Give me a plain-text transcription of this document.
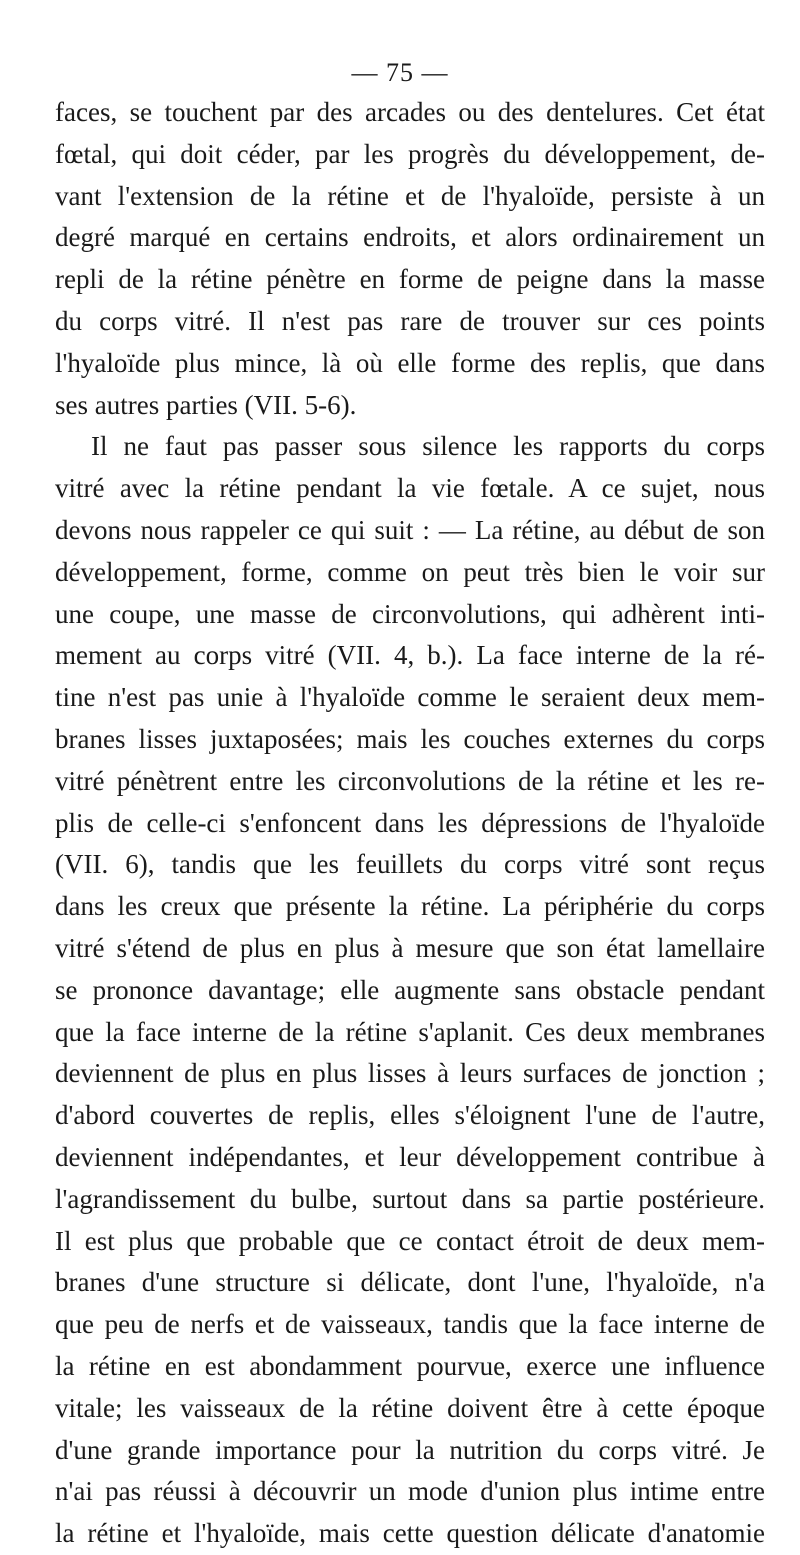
— 75 —
faces, se touchent par des arcades ou des dentelures. Cet état
fœtal, qui doit céder, par les progrès du développement, de-
vant l'extension de la rétine et de l'hyaloïde, persiste à un
degré marqué en certains endroits, et alors ordinairement un
repli de la rétine pénètre en forme de peigne dans la masse
du corps vitré. Il n'est pas rare de trouver sur ces points
l'hyaloïde plus mince, là où elle forme des replis, que dans
ses autres parties (VII. 5-6).
Il ne faut pas passer sous silence les rapports du corps
vitré avec la rétine pendant la vie fœtale. A ce sujet, nous
devons nous rappeler ce qui suit : — La rétine, au début de son
développement, forme, comme on peut très bien le voir sur
une coupe, une masse de circonvolutions, qui adhèrent inti-
mement au corps vitré (VII. 4, b.). La face interne de la ré-
tine n'est pas unie à l'hyaloïde comme le seraient deux mem-
branes lisses juxtaposées; mais les couches externes du corps
vitré pénètrent entre les circonvolutions de la rétine et les re-
plis de celle-ci s'enfoncent dans les dépressions de l'hyaloïde
(VII. 6), tandis que les feuillets du corps vitré sont reçus
dans les creux que présente la rétine. La périphérie du corps
vitré s'étend de plus en plus à mesure que son état lamellaire
se prononce davantage; elle augmente sans obstacle pendant
que la face interne de la rétine s'aplanit. Ces deux membranes
deviennent de plus en plus lisses à leurs surfaces de jonction ;
d'abord couvertes de replis, elles s'éloignent l'une de l'autre,
deviennent indépendantes, et leur développement contribue à
l'agrandissement du bulbe, surtout dans sa partie postérieure.
Il est plus que probable que ce contact étroit de deux mem-
branes d'une structure si délicate, dont l'une, l'hyaloïde, n'a
que peu de nerfs et de vaisseaux, tandis que la face interne de
la rétine en est abondamment pourvue, exerce une influence
vitale; les vaisseaux de la rétine doivent être à cette époque
d'une grande importance pour la nutrition du corps vitré. Je
n'ai pas réussi à découvrir un mode d'union plus intime entre
la rétine et l'hyaloïde, mais cette question délicate d'anatomie
